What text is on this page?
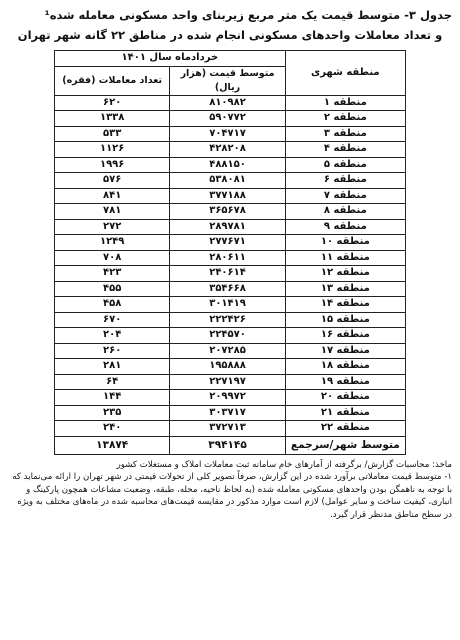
جدول ۳- متوسط قیمت یک متر مربع زیربنای واحد مسکونی معامله شده¹
و تعداد معاملات واحدهای مسکونی انجام شده در مناطق ۲۲ گانه شهر تهران
منطقه شهری	خردادماه سال ۱۴۰۱	
	متوسط قیمت (هزار ریال)	تعداد معاملات (فقره)
منطقه ۱	۸۱۰۹۸۲	۶۲۰
منطقه ۲	۵۹۰۷۷۲	۱۳۳۸
منطقه ۳	۷۰۴۷۱۷	۵۳۳
منطقه ۴	۴۲۸۲۰۸	۱۱۲۶
منطقه ۵	۴۸۸۱۵۰	۱۹۹۶
منطقه ۶	۵۳۸۰۸۱	۵۷۶
منطقه ۷	۳۷۷۱۸۸	۸۴۱
منطقه ۸	۳۶۵۶۷۸	۷۸۱
منطقه ۹	۲۸۹۷۸۱	۲۷۲
منطقه ۱۰	۲۷۷۶۷۱	۱۲۴۹
منطقه ۱۱	۲۸۰۶۱۱	۷۰۸
منطقه ۱۲	۲۴۰۶۱۴	۴۲۳
منطقه ۱۳	۳۵۴۶۶۸	۴۵۵
منطقه ۱۴	۳۰۱۴۱۹	۴۵۸
منطقه ۱۵	۲۲۲۴۲۶	۶۷۰
منطقه ۱۶	۲۲۴۵۷۰	۲۰۴
منطقه ۱۷	۲۰۷۲۸۵	۲۶۰
منطقه ۱۸	۱۹۵۸۸۸	۲۸۱
منطقه ۱۹	۲۲۷۱۹۷	۶۴
منطقه ۲۰	۲۰۹۹۷۲	۱۴۴
منطقه ۲۱	۳۰۳۷۱۷	۲۳۵
منطقه ۲۲	۳۷۲۷۱۳	۲۴۰
متوسط شهر/سرجمع	۳۹۴۱۴۵	۱۳۸۷۴
ماخذ: محاسبات گزارش/ برگرفته از آمارهای خام سامانه ثبت معاملات املاک و مستغلات کشور
۱- متوسط قیمت معاملاتی برآورد شده در این گزارش، صرفاً تصویر کلی از تحولات قیمتی در شهر تهران را ارائه می‌نماید که با توجه به ناهمگن بودن واحدهای مسکونی معامله شده (به لحاظ ناحیه، محله، طبقه، وضعیت مشاعات همچون پارکینگ و انباری، کیفیت ساخت و سایر عوامل) لازم است موارد مذکور در مقایسه قیمت‌های محاسبه شده در ماه‌های مختلف به ویژه در سطح مناطق مدنظر قرار گیرد.
